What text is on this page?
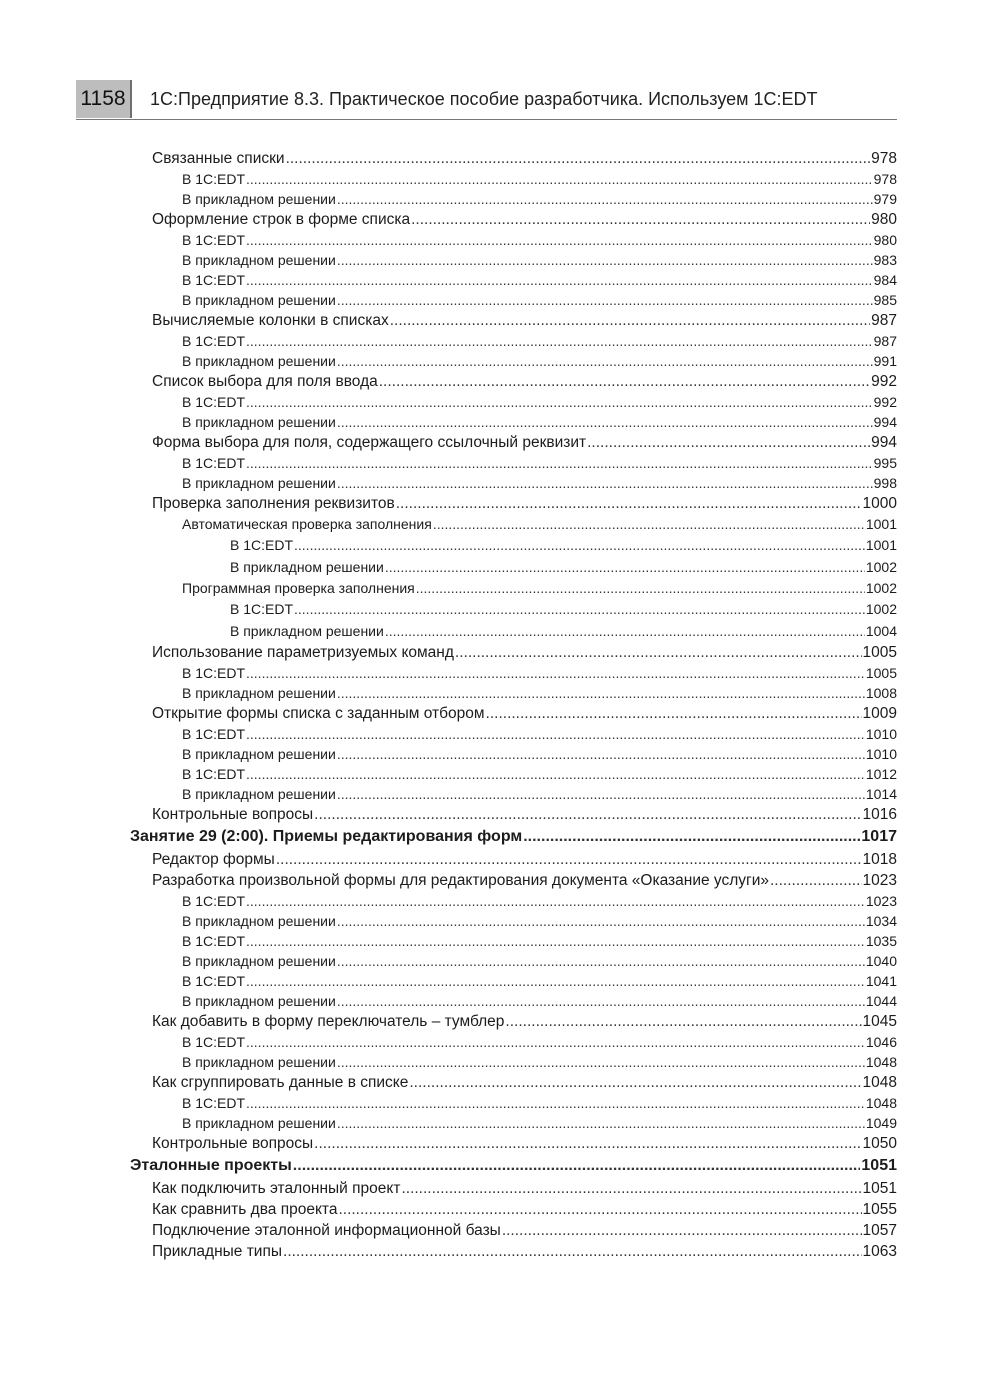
1158	1С:Предприятие 8.3. Практическое пособие разработчика. Используем 1С:EDT
Связанные списки .....	978
В 1С:EDT .....	978
В прикладном решении .....	979
Оформление строк в форме списка .....	980
В 1С:EDT .....	980
В прикладном решении .....	983
В 1С:EDT .....	984
В прикладном решении .....	985
Вычисляемые колонки в списках .....	987
В 1С:EDT .....	987
В прикладном решении .....	991
Список выбора для поля ввода .....	992
В 1С:EDT .....	992
В прикладном решении .....	994
Форма выбора для поля, содержащего ссылочный реквизит .....	994
В 1С:EDT .....	995
В прикладном решении .....	998
Проверка заполнения реквизитов .....	1000
Автоматическая проверка заполнения .....	1001
В 1С:EDT .....	1001
В прикладном решении .....	1002
Программная проверка заполнения .....	1002
В 1С:EDT .....	1002
В прикладном решении .....	1004
Использование параметризуемых команд .....	1005
В 1С:EDT .....	1005
В прикладном решении .....	1008
Открытие формы списка с заданным отбором .....	1009
В 1С:EDT .....	1010
В прикладном решении .....	1010
В 1С:EDT .....	1012
В прикладном решении .....	1014
Контрольные вопросы .....	1016
Занятие 29 (2:00). Приемы редактирования форм .....	1017
Редактор формы .....	1018
Разработка произвольной формы для редактирования документа «Оказание услуги» .....	1023
В 1С:EDT .....	1023
В прикладном решении .....	1034
В 1С:EDT .....	1035
В прикладном решении .....	1040
В 1С:EDT .....	1041
В прикладном решении .....	1044
Как добавить в форму переключатель – тумблер .....	1045
В 1С:EDT .....	1046
В прикладном решении .....	1048
Как сгруппировать данные в списке .....	1048
В 1С:EDT .....	1048
В прикладном решении .....	1049
Контрольные вопросы .....	1050
Эталонные проекты .....	1051
Как подключить эталонный проект .....	1051
Как сравнить два проекта .....	1055
Подключение эталонной информационной базы .....	1057
Прикладные типы .....	1063
